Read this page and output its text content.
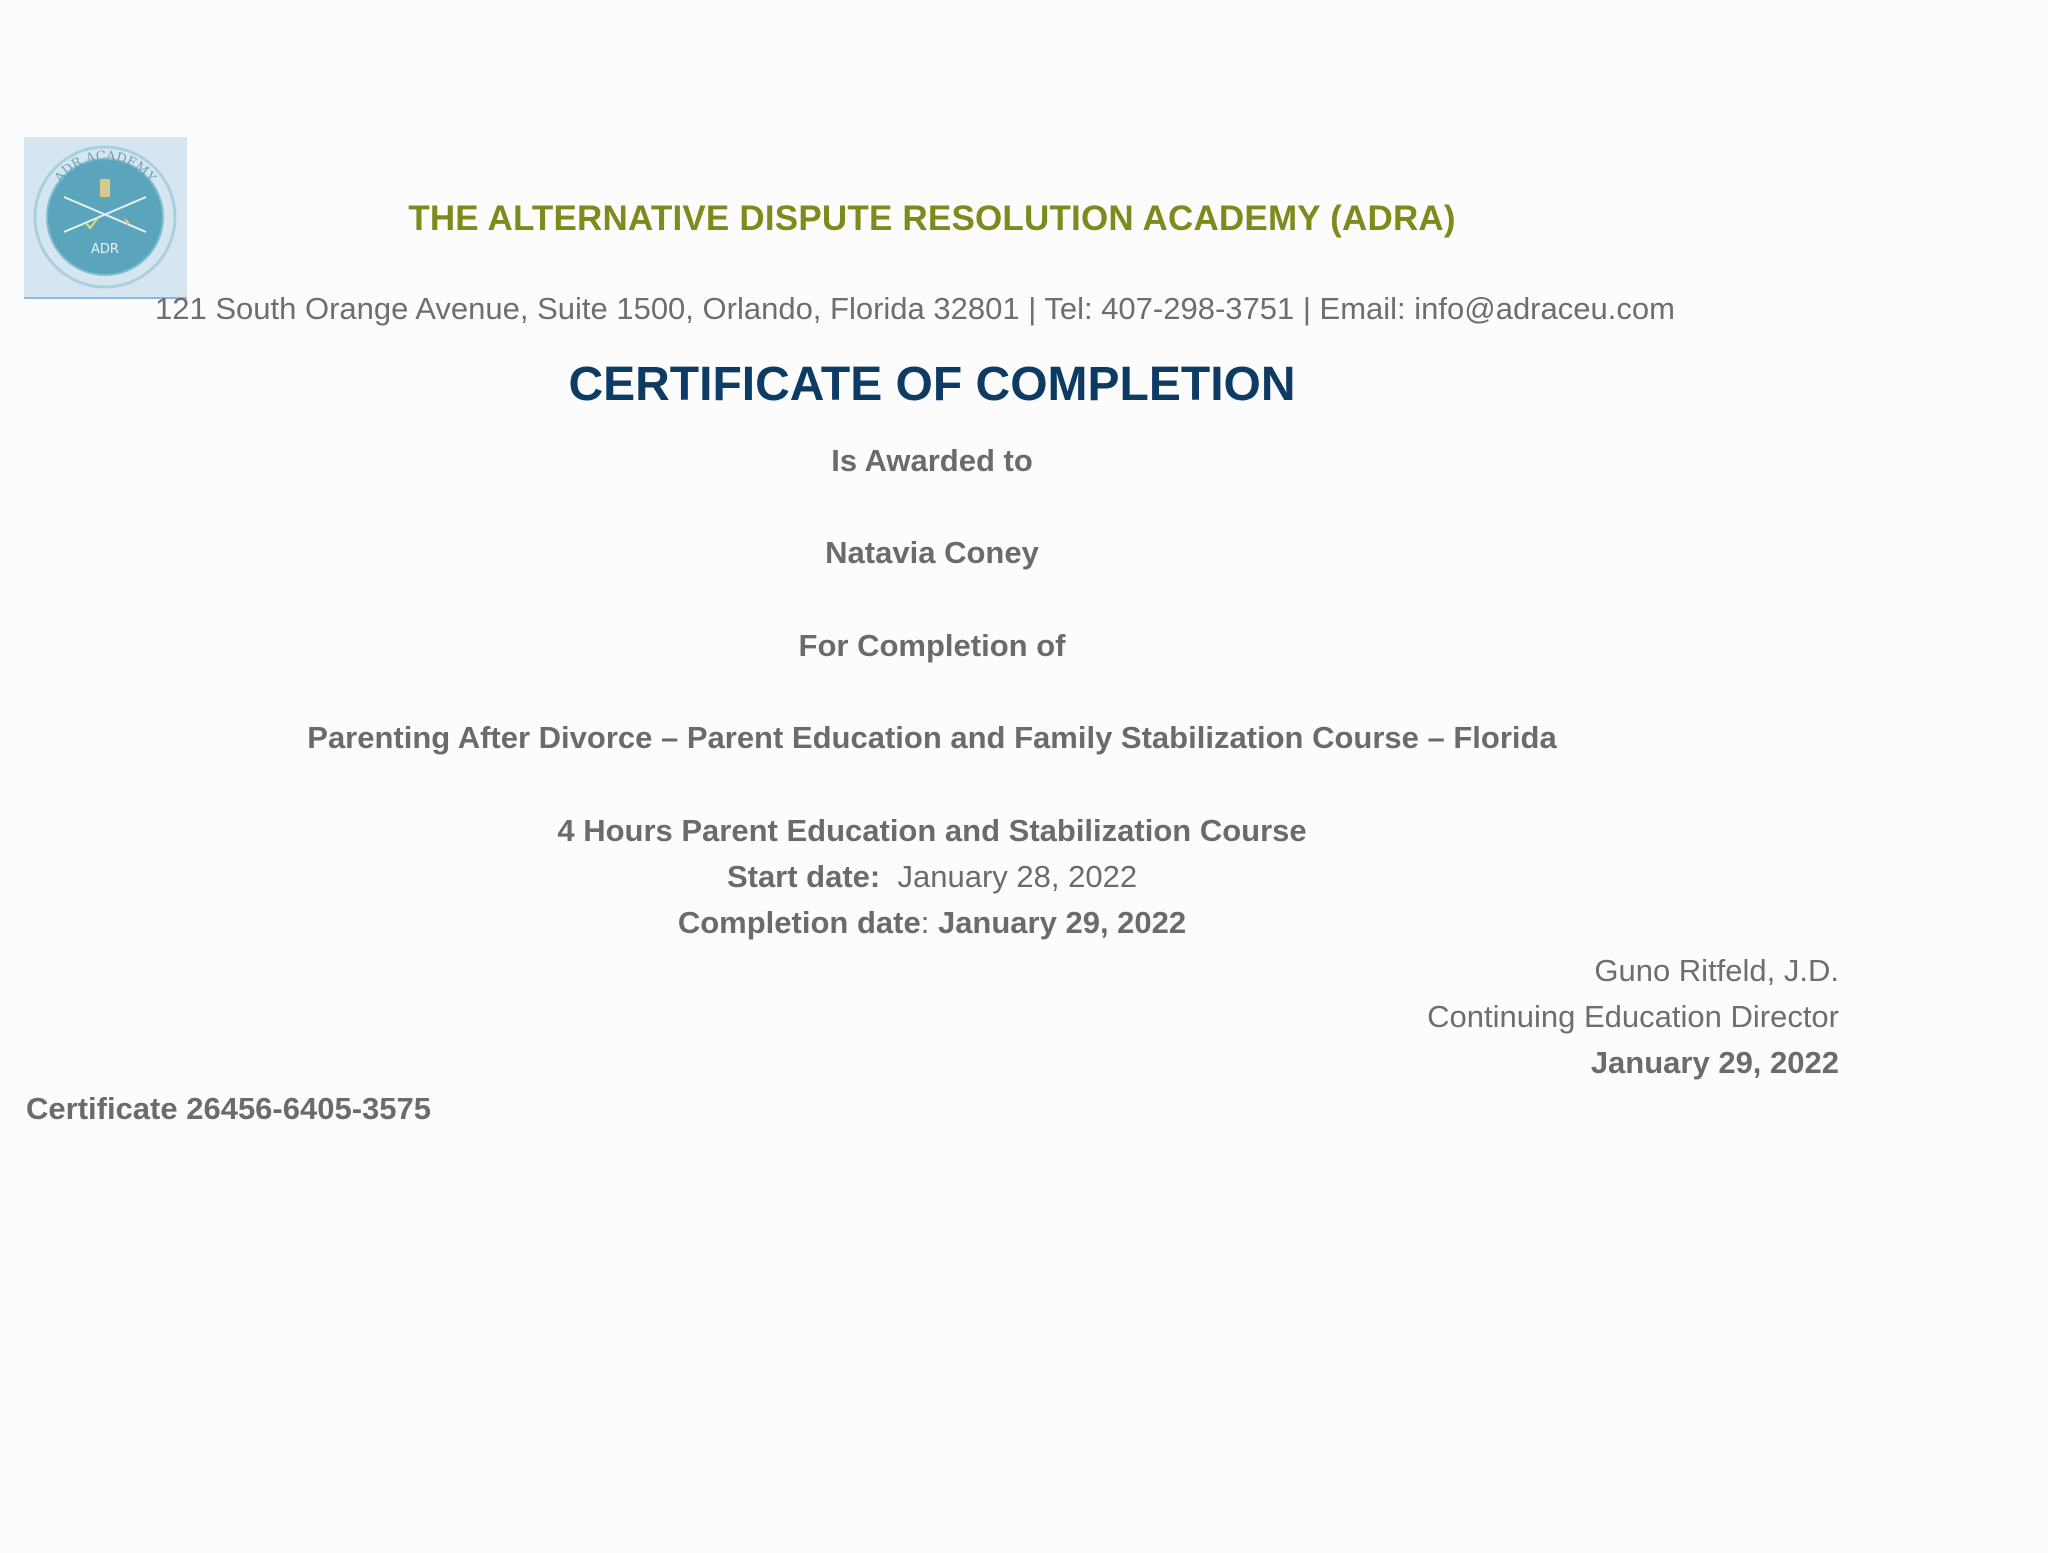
ADR
ADR ACADEMY
THE ALTERNATIVE DISPUTE RESOLUTION ACADEMY (ADRA)
121 South Orange Avenue, Suite 1500, Orlando, Florida 32801 | Tel: 407-298-3751 | Email: info@adraceu.com
CERTIFICATE OF COMPLETION
Is Awarded to
Natavia Coney
For Completion of
Parenting After Divorce – Parent Education and Family Stabilization Course – Florida
4 Hours Parent Education and Stabilization Course
Start date: January 28, 2022
Completion date: January 29, 2022
Guno Ritfeld, J.D.
Continuing Education Director
January 29, 2022
Certificate 26456-6405-3575
